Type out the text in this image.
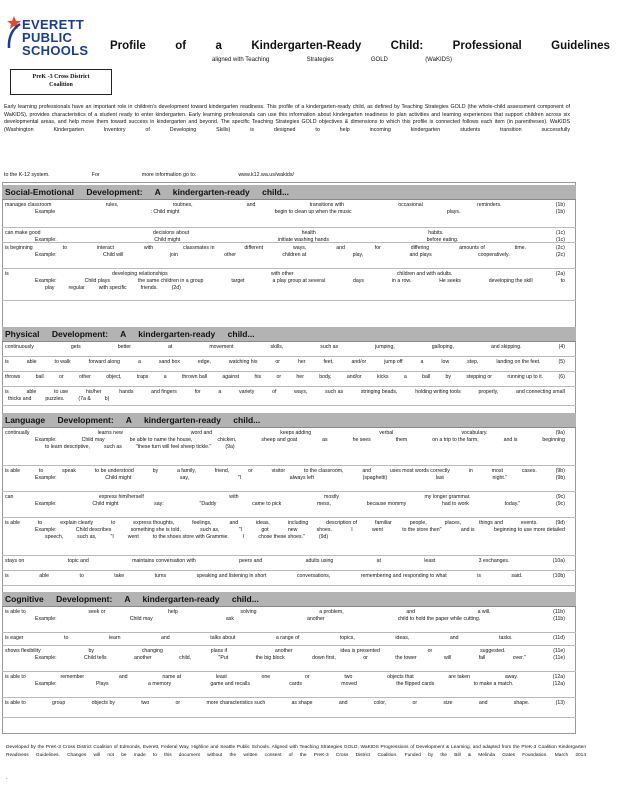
EVERETT
PUBLIC
SCHOOLS Profile	of	a	Kindergarten-Ready	Child:	Professional	Guidelines
aligned with Teaching	Strategies	GOLD	(WaKIDS)
PreK -3 Cross District
Coalition
Early learning professionals have an important role in children's development toward kindergarten readiness. This profile of a kindergarten-ready child, as defined by Teaching Strategies GOLD (the whole-child assessment component of WaKIDS), provides characteristics of a student ready to enter kindergarten. Early learning professionals can use this information about kindergarten readiness to plan activities and learning experiences that support children across six developmental areas, and help move them toward success in kindergarten and beyond. The specific Teaching Strategies GOLD objectives & dimensions to which this profile is connected follows each item (in parentheses). WaKIDS (Washington Kindergarten Inventory of Developing Skills) is designed to help incoming kindergarten students transition successfully
to the K-12 system.	For	more information go to:	www.k12.wa.us/wakids/
Social-Emotional Development: A kindergarten-ready child...
manages classroom	rules,	routines,	and	transitions with	occasional	reminders.	(1b)
Example	: Child might	begin to clean up when the music	plays.	(1b)
can make good	decisions about	health	habits.	(1c)
Example:	Child might	initiate washing hands	before eating.	(1c)
is beginning	to	interact	with	classmates in	different	ways,	and	for	differing	amounts of	time.	(2c)
Example:	Child will	join	other	children at	play,	and plays	cooperatively.	(2c)
is	developing relationships	with other	children and with adults.	(2a)
Example:	Child plays	the same children in a group	target	a play group at several	days	in a row.	He seeks	developing the skill	to
play	regular	with specific	friends.	(2d)
Physical Development: A kindergarten-ready child...
continuously	gets	better	at	movement	skills,	such as	jumping,	galloping,	and skipping.	(4)
is	able	to walk	forward along	a	sand box	edge,	watching his	or	her	feet,	and/or	jump off	a	low	step,	landing on the feet.	(5)
throws	ball	or	other	object,	traps	a	thrown ball	against	his	or	her	body,	and/or	kicks	a	ball	by	stepping or	running up to it.	(6)
is	able	to use	his/her	hands	and fingers	for	a	variety	of	ways,	such as	stringing beads,	holding writing tools	properly,	and connecting small
thicks and	puzzles.	(7a &	b)
Language Development: A kindergarten-ready child...
continually	learns new	word and	keeps adding	verbal	vocabulary.	(9a)
Example:	Child may	be able to name the house,	chicken,	sheep and goat	as	he sees	them	on a trip to the farm,	and is	beginning
to learn descriptive,	such as	"these turn will feel sheep tickle."	(9a)
is able	to	speak	to be understood	by	a family,	friend,	or	visitor	to the classroom,	and	uses most words correctly	in	most	cases.	(9b)
Example:	Child might	say,	"I	always left	(spaghetti)	last	night."	(9b)
can	express him/herself	with	mostly	my longer grammar.	(9c)
Example:	Child might	say:	"Daddy	came to pick	mess,	because mommy	had to work	today."	(9c)
is able	to	explain clearly	to	express thoughts,	feelings,	and	ideas,	including	description of	familiar	people,	places,	things and	events.	(9d)
Example:	Child describes	something she is told,	such as,	"I	got	new	shoes.	I	went	to the store then"	and is	beginning to use more detailed
speech,	such as,	"I	went	to the shoes store with Grammie.	I	chose these shoes."	(9d)
stays on	topic and	maintains conversation with	peers and	adults using	at	least	3 exchanges.	(10a)
is	able	to	take	turns	speaking and listening in short	conversations,	remembering and responding to what	is	said.	(10b)
Cognitive Development: A kindergarten-ready child...
is able to	seek or	help	solving	a problem,	and	a will.	(11b)
Example:	Child may	ask	another	child to hold the paper while cutting.	(11b)
is eager	to	learn	and	talks about	a range of	topics,	ideas,	and	tasks.	(11d)
shows flexibility	by	changing	plans if	another	idea is presented	or	suggested.	(11e)
Example:	Child tells	another	child,	"Put	the big block	down first,	or	the tower	will	fall	over."	(11e)
is able to	remember	and	name at	least	one	or	two	objects that	are taken	away.	(12a)
Example:	Plays	a memory	game and recalls	cards	moved	the flipped cards	to make a match.	(12a)
is able to	group	objects by	two	or	more characteristics such	as shape	and	color,	or	size	and	shape.	(13)
Developed by the PreK-3 Cross District Coalition of Edmonds, Everett, Federal Way, Highline and Seattle Public Schools. Aligned with Teaching Strategies GOLD, WaKIDS Progressions of Development & Learning, and adapted from the PreK-3 Coalition Kindergarten Readiness Guidelines. Changes will not be made to this document without the written consent of the PreK-3 Cross District Coalition. Funded by the Bill & Melinda Gates Foundation. March 2014
.
